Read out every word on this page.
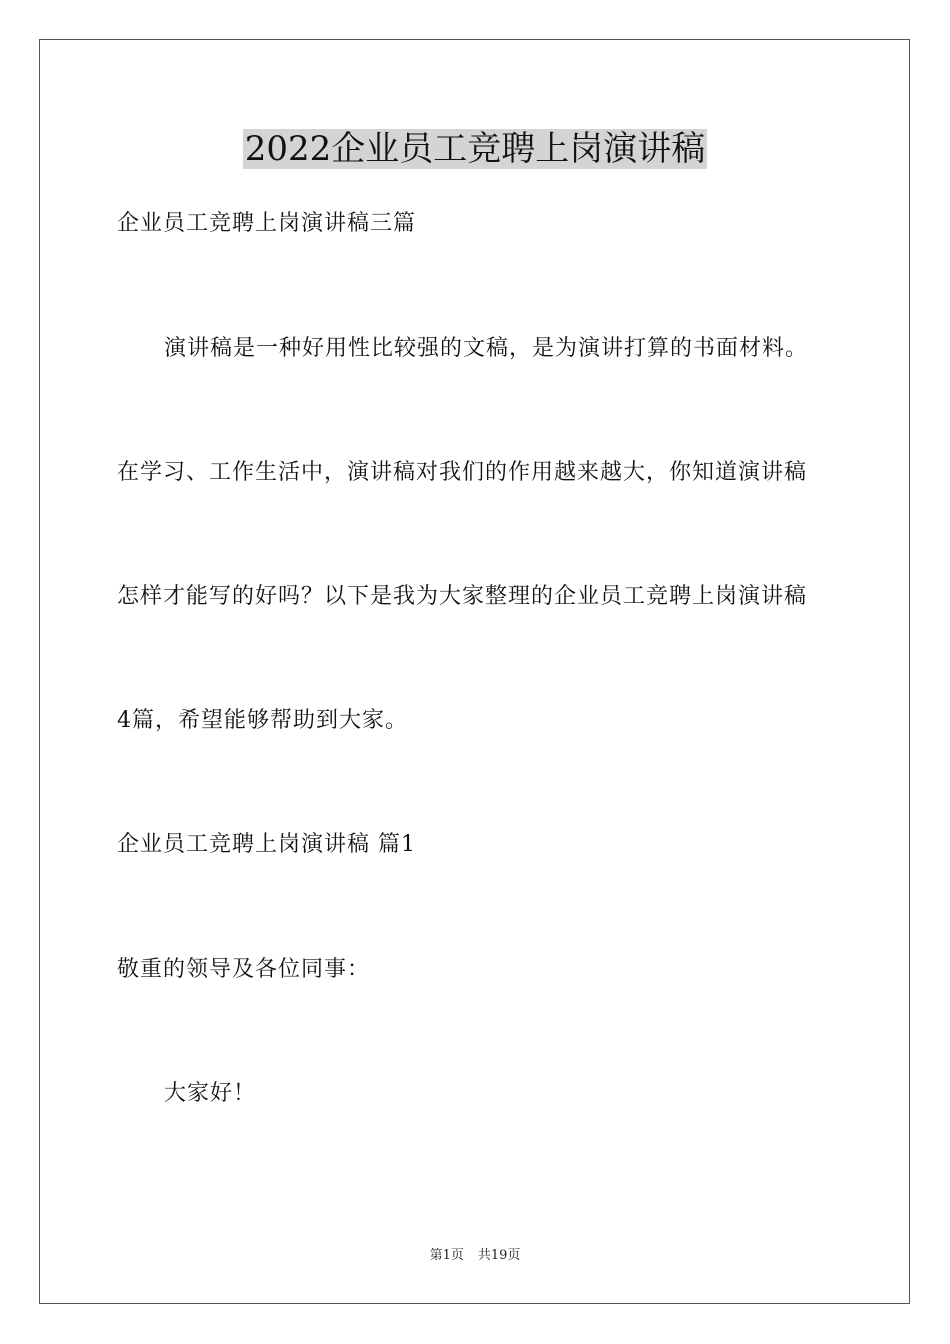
2022企业员工竞聘上岗演讲稿

企业员工竞聘上岗演讲稿三篇

演讲稿是一种好用性比较强的文稿，是为演讲打算的书面材料。

在学习、工作生活中，演讲稿对我们的作用越来越大，你知道演讲稿

怎样才能写的好吗？以下是我为大家整理的企业员工竞聘上岗演讲稿

4篇，希望能够帮助到大家。

企业员工竞聘上岗演讲稿 篇1

敬重的领导及各位同事：

大家好！

第1页 共19页
